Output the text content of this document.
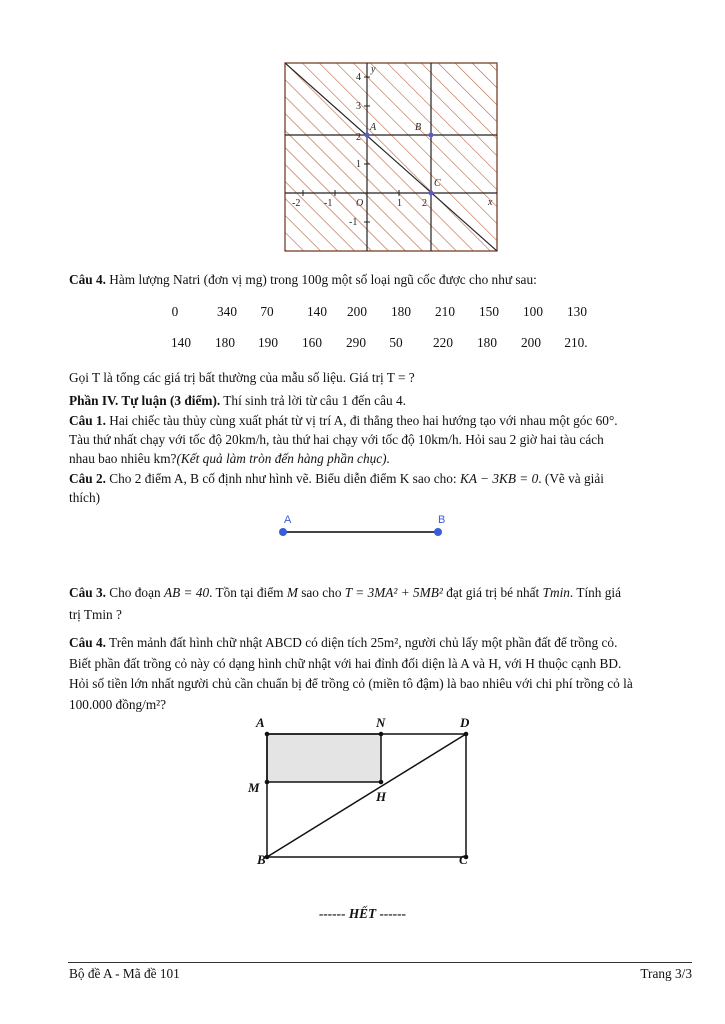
y
x
O
A	B
C
4
3
2
1
-1
-2 -1	1 2
Câu 4. Hàm lượng Natri (đơn vị mg) trong 100g một số loại ngũ cốc được cho như sau:
0	340	70	140	200	180	210	150	100	130
140	180	190	160	290	50	220	180	200	210.
Gọi T là tổng các giá trị bất thường của mẫu số liệu. Giá trị T = ?
Phần IV. Tự luận (3 điểm). Thí sinh trả lời từ câu 1 đến câu 4.
Câu 1. Hai chiếc tàu thủy cùng xuất phát từ vị trí A, đi thẳng theo hai hướng tạo với nhau một góc 60°.
Tàu thứ nhất chạy với tốc độ 20km/h, tàu thứ hai chạy với tốc độ 10km/h. Hỏi sau 2 giờ hai tàu cách
nhau bao nhiêu km?(Kết quả làm tròn đến hàng phần chục).
Câu 2. Cho 2 điểm A, B cố định như hình vẽ. Biểu diễn điểm K sao cho: KA − 3KB = 0. (Vẽ và giải
thích)
A	B
Câu 3. Cho đoạn AB = 40. Tồn tại điểm M sao cho T = 3MA² + 5MB² đạt giá trị bé nhất Tmin. Tính giá
trị Tmin ?
Câu 4. Trên mảnh đất hình chữ nhật ABCD có diện tích 25m², người chủ lấy một phần đất để trồng cỏ.
Biết phần đất trồng cỏ này có dạng hình chữ nhật với hai đỉnh đối diện là A và H, với H thuộc cạnh BD.
Hỏi số tiền lớn nhất người chủ cần chuẩn bị để trồng cỏ (miền tô đậm) là bao nhiêu với chi phí trồng cỏ là
100.000 đồng/m²?
A	N	D
M
H
B	C
------ HẾT ------
Bộ đề A - Mã đề 101	Trang 3/3
